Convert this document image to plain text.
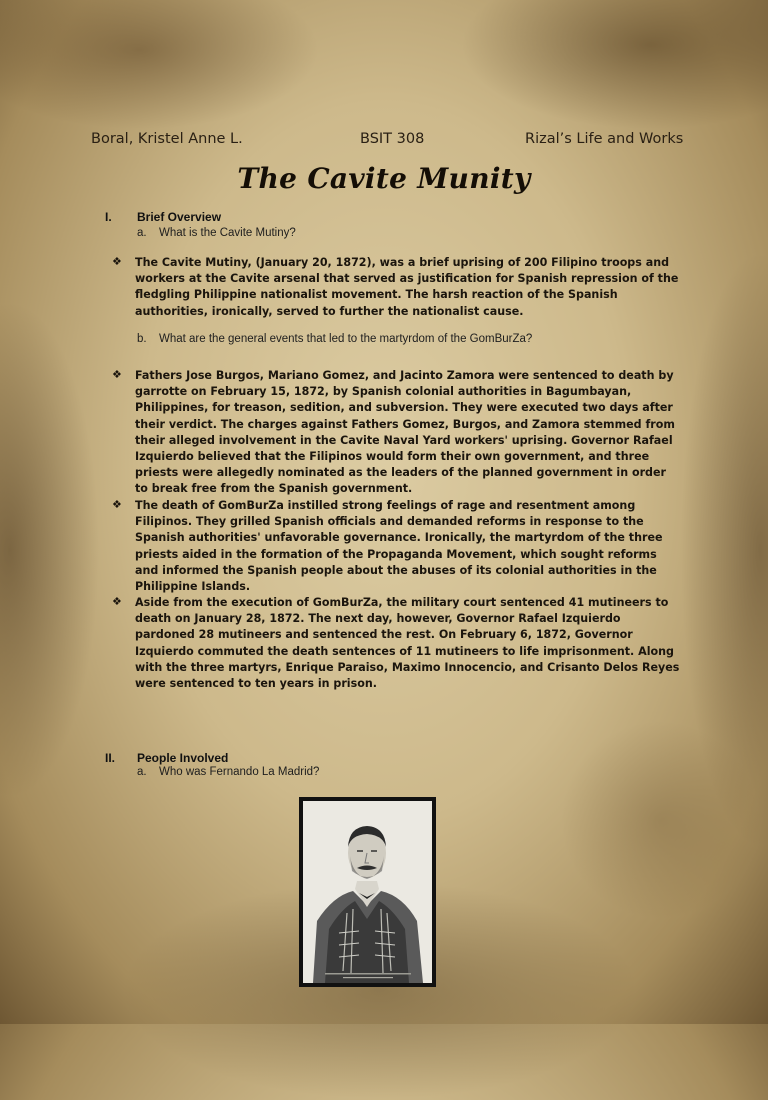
Boral, Kristel Anne L.	BSIT 308	Rizal’s Life and Works
The Cavite Munity
I. Brief Overview
a. What is the Cavite Mutiny?
❖ The Cavite Mutiny, (January 20, 1872), was a brief uprising of 200 Filipino troops and workers at the Cavite arsenal that served as justification for Spanish repression of the fledgling Philippine nationalist movement. The harsh reaction of the Spanish authorities, ironically, served to further the nationalist cause.
b. What are the general events that led to the martyrdom of the GomBurZa?
❖ Fathers Jose Burgos, Mariano Gomez, and Jacinto Zamora were sentenced to death by garrotte on February 15, 1872, by Spanish colonial authorities in Bagumbayan, Philippines, for treason, sedition, and subversion. They were executed two days after their verdict. The charges against Fathers Gomez, Burgos, and Zamora stemmed from their alleged involvement in the Cavite Naval Yard workers' uprising. Governor Rafael Izquierdo believed that the Filipinos would form their own government, and three priests were allegedly nominated as the leaders of the planned government in order to break free from the Spanish government.
❖ The death of GomBurZa instilled strong feelings of rage and resentment among Filipinos. They grilled Spanish officials and demanded reforms in response to the Spanish authorities' unfavorable governance. Ironically, the martyrdom of the three priests aided in the formation of the Propaganda Movement, which sought reforms and informed the Spanish people about the abuses of its colonial authorities in the Philippine Islands.
❖ Aside from the execution of GomBurZa, the military court sentenced 41 mutineers to death on January 28, 1872. The next day, however, Governor Rafael Izquierdo pardoned 28 mutineers and sentenced the rest. On February 6, 1872, Governor Izquierdo commuted the death sentences of 11 mutineers to life imprisonment. Along with the three martyrs, Enrique Paraiso, Maximo Innocencio, and Crisanto Delos Reyes were sentenced to ten years in prison.
II. People Involved
a. Who was Fernando La Madrid?
